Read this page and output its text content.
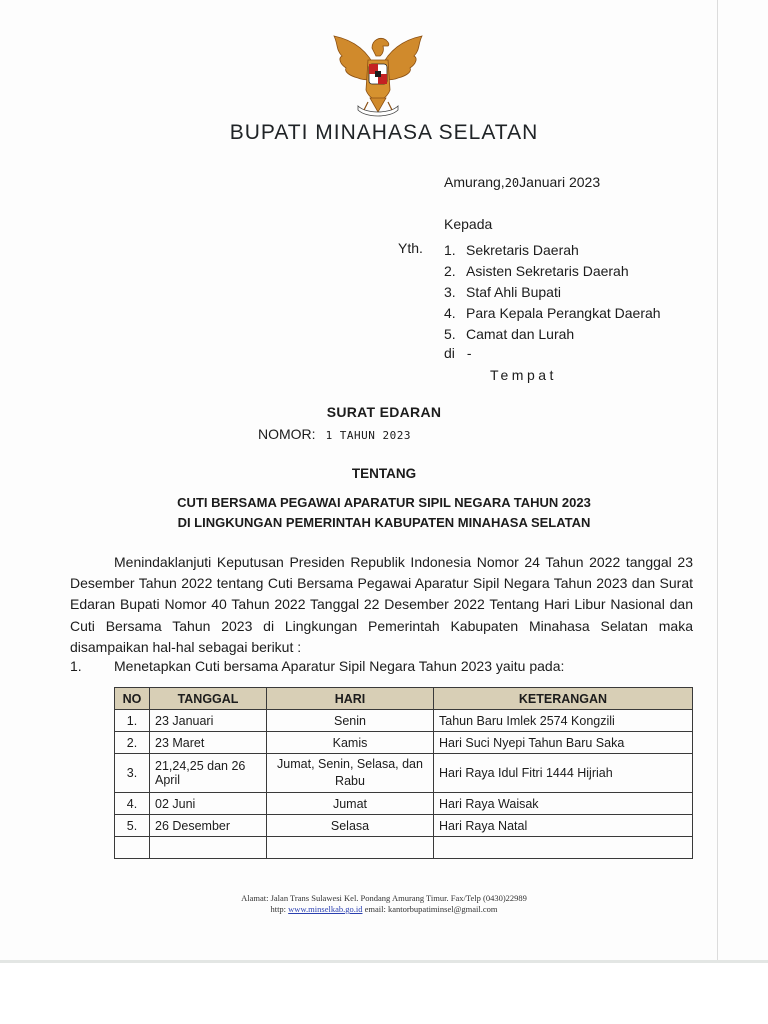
BUPATI MINAHASA SELATAN
Amurang,20Januari 2023
Kepada
Yth. 1. Sekretaris Daerah
2. Asisten Sekretaris Daerah
3. Staf Ahli Bupati
4. Para Kepala Perangkat Daerah
5. Camat dan Lurah
di -
Tempat
SURAT EDARAN
NOMOR: 1 TAHUN 2023
TENTANG
CUTI BERSAMA PEGAWAI APARATUR SIPIL NEGARA TAHUN 2023
DI LINGKUNGAN PEMERINTAH KABUPATEN MINAHASA SELATAN

Menindaklanjuti Keputusan Presiden Republik Indonesia Nomor 24 Tahun 2022 tanggal 23 Desember Tahun 2022 tentang Cuti Bersama Pegawai Aparatur Sipil Negara Tahun 2023 dan Surat Edaran Bupati Nomor 40 Tahun 2022 Tanggal 22 Desember 2022 Tentang Hari Libur Nasional dan Cuti Bersama Tahun 2023 di Lingkungan Pemerintah Kabupaten Minahasa Selatan maka disampaikan hal-hal sebagai berikut :

1. Menetapkan Cuti bersama Aparatur Sipil Negara Tahun 2023 yaitu pada:
NO	TANGGAL	HARI	KETERANGAN
1.	23 Januari	Senin	Tahun Baru Imlek 2574 Kongzili
2.	23 Maret	Kamis	Hari Suci Nyepi Tahun Baru Saka
3.	21,24,25 dan 26 April	Jumat, Senin, Selasa, dan Rabu	Hari Raya Idul Fitri 1444 Hijriah
4.	02 Juni	Jumat	Hari Raya Waisak
5.	26 Desember	Selasa	Hari Raya Natal

Alamat: Jalan Trans Sulawesi Kel. Pondang Amurang Timur. Fax/Telp (0430)22989
http: www.minselkab.go.id email: kantorbupatiminsel@gmail.com
